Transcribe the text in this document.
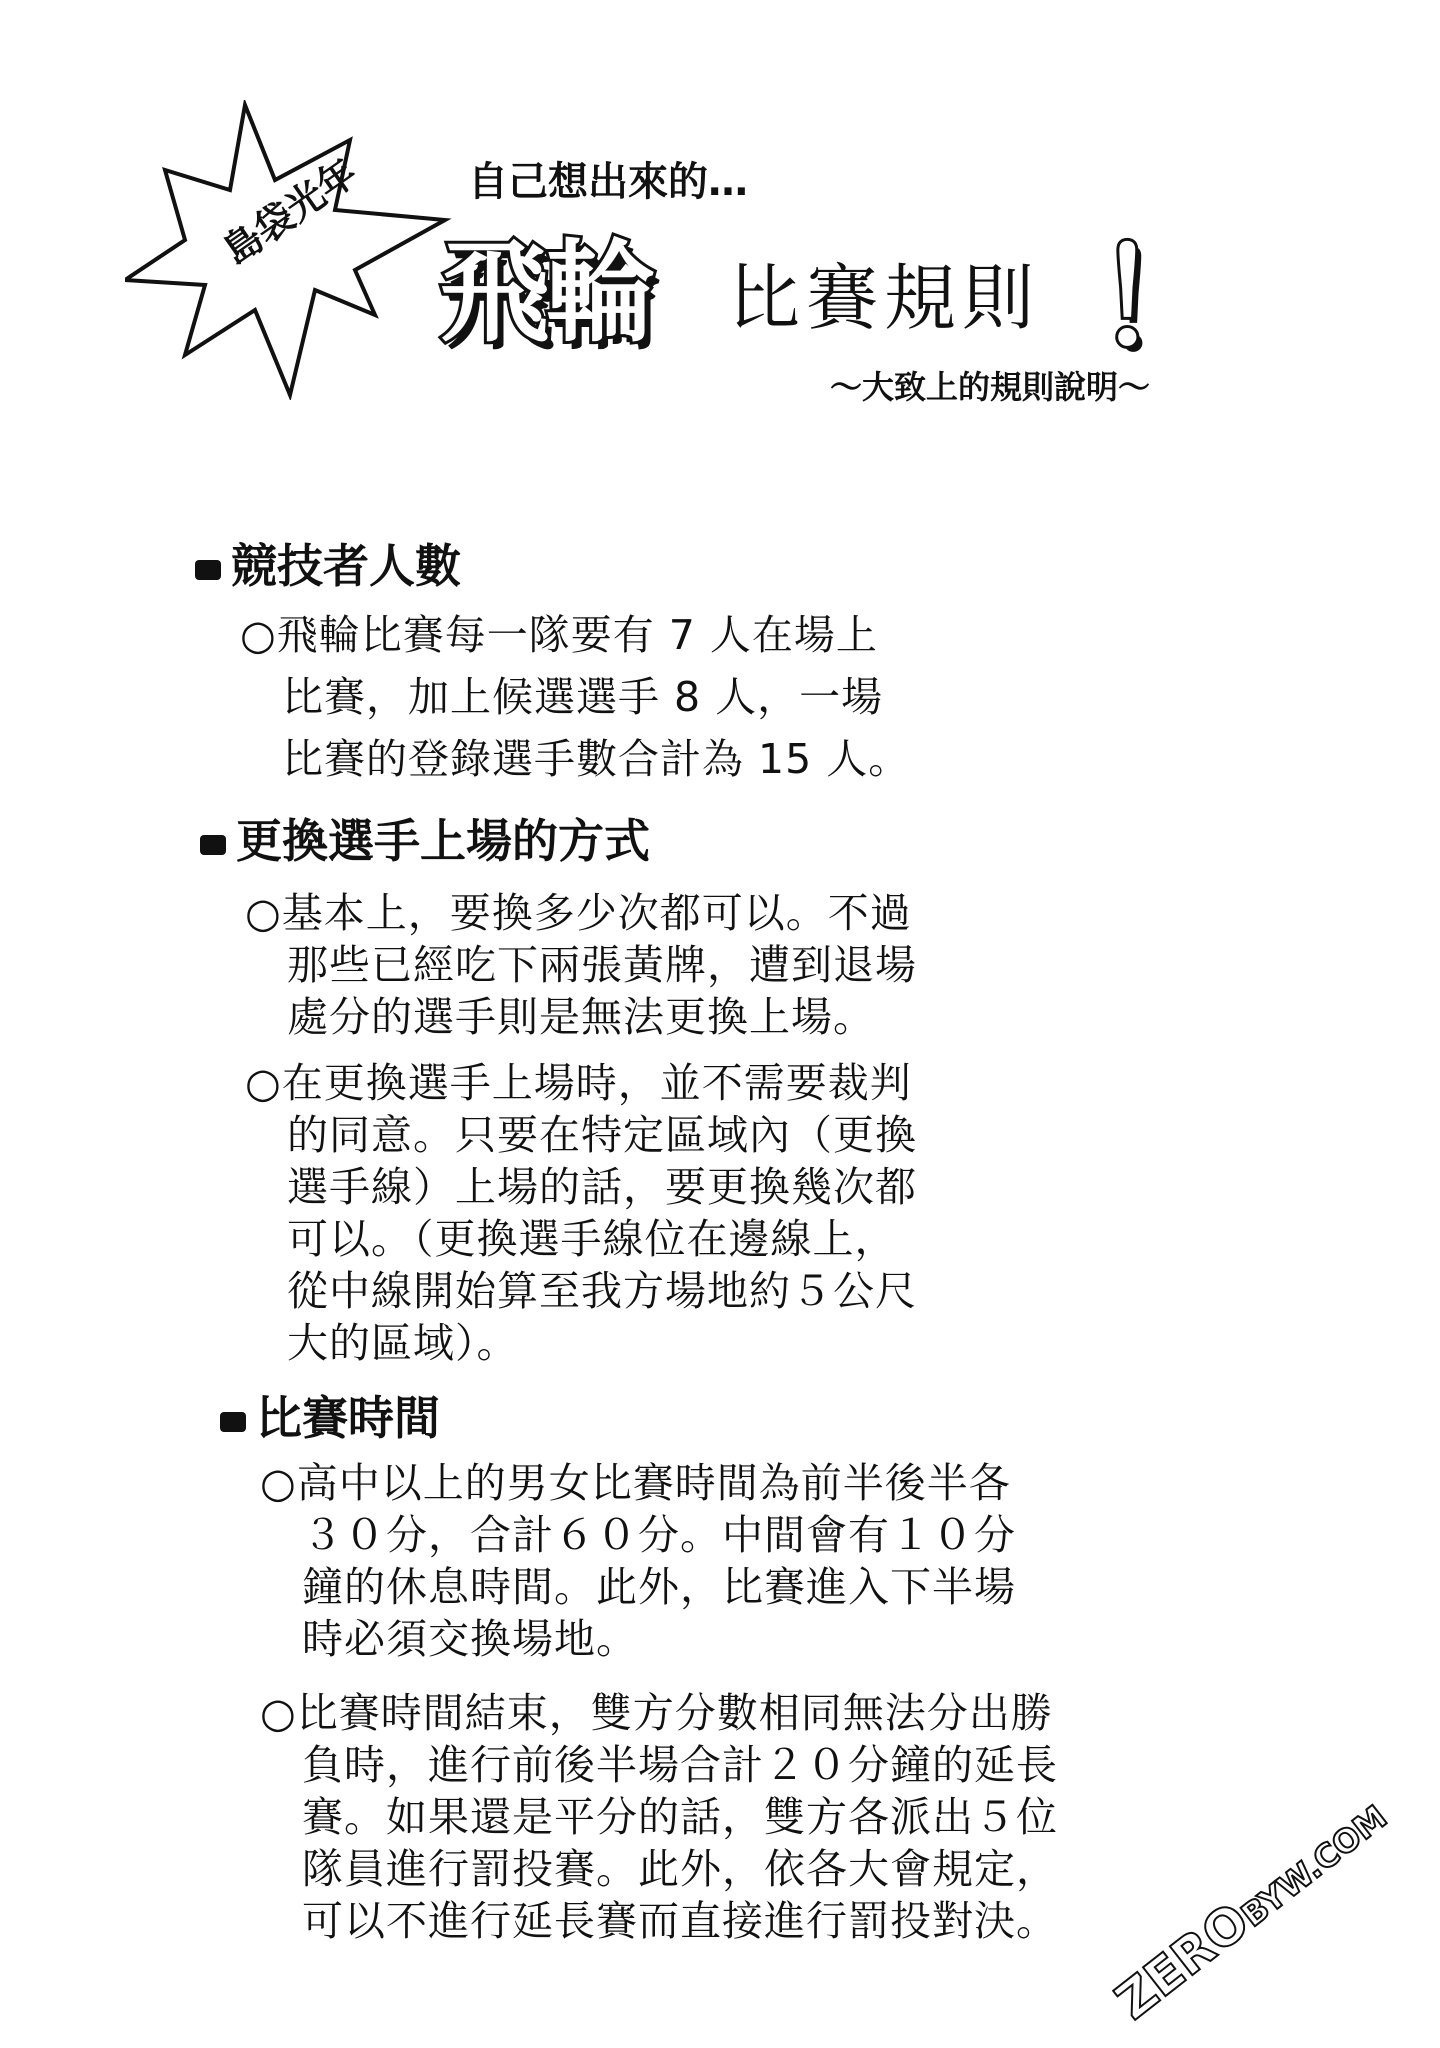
島袋光年	自己想出來的…
飛輪 比賽規則 ！
～大致上的規則說明～
競技者人數
○飛輪比賽每一隊要有 7 人在場上
　比賽，加上候選選手 8 人，一場
　比賽的登錄選手數合計為 15 人。
更換選手上場的方式
○基本上，要換多少次都可以。不過
　那些已經吃下兩張黃牌，遭到退場
　處分的選手則是無法更換上場。
○在更換選手上場時，並不需要裁判
　的同意。只要在特定區域內（更換
　選手線）上場的話，要更換幾次都
　可以。（更換選手線位在邊線上，
　從中線開始算至我方場地約５公尺
　大的區域）。
比賽時間
○高中以上的男女比賽時間為前半後半各
　３０分，合計６０分。中間會有１０分
　鐘的休息時間。此外，比賽進入下半場
　時必須交換場地。
○比賽時間結束，雙方分數相同無法分出勝
　負時，進行前後半場合計２０分鐘的延長
　賽。如果還是平分的話，雙方各派出５位
　隊員進行罰投賽。此外，依各大會規定，
　可以不進行延長賽而直接進行罰投對決。 ZEROBYW.COM
